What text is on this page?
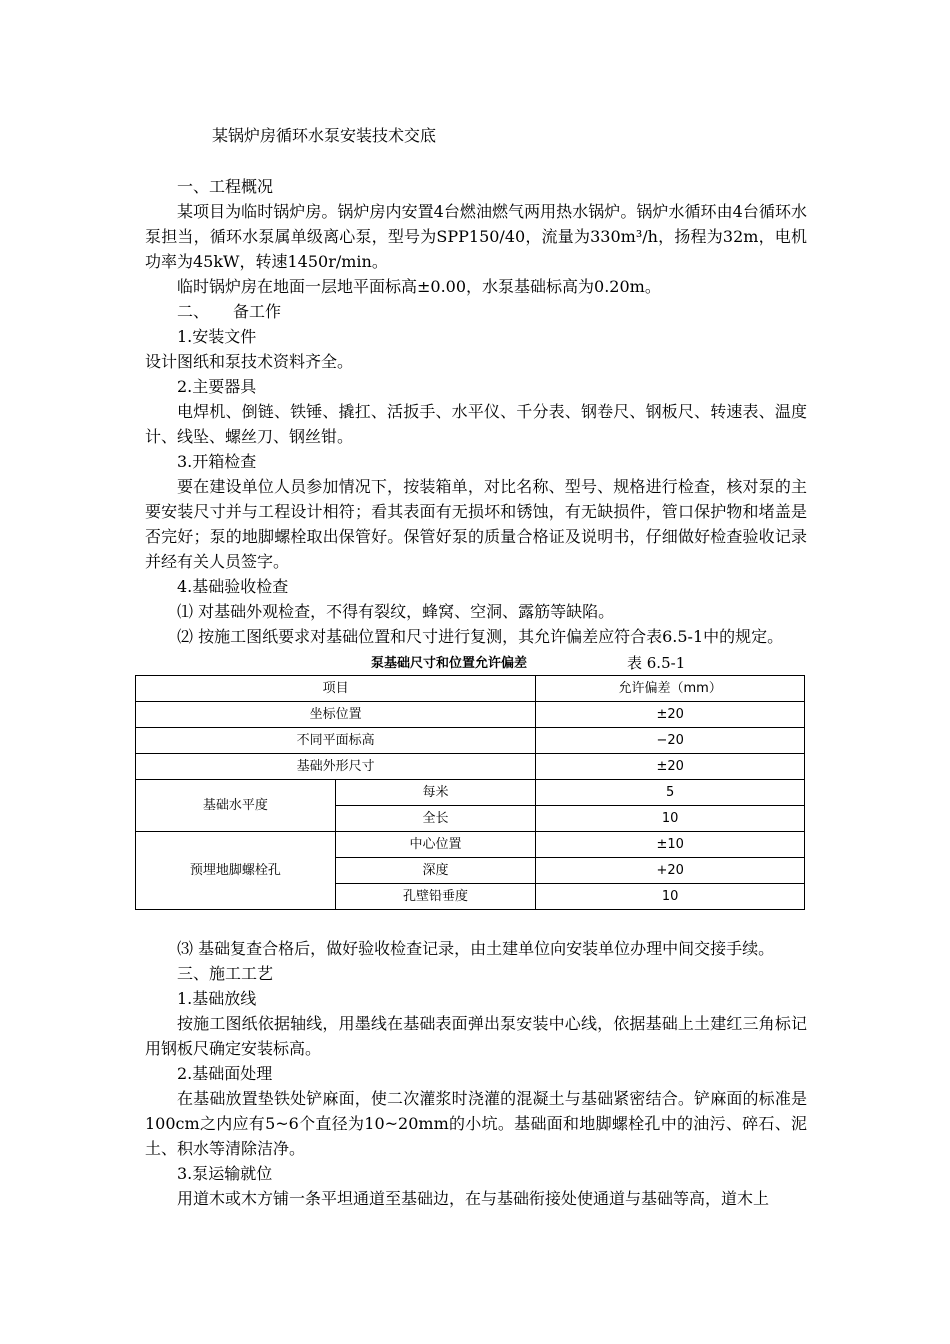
某锅炉房循环水泵安装技术交底

一、工程概况

某项目为临时锅炉房。锅炉房内安置4台燃油燃气两用热水锅炉。锅炉水循环由4台循环水泵担当，循环水泵属单级离心泵，型号为SPP150/40，流量为330m³/h，扬程为32m，电机功率为45kW，转速1450r/min。

临时锅炉房在地面一层地平面标高±0.00，水泵基础标高为0.20m。

二、　　备工作

1.安装文件

设计图纸和泵技术资料齐全。

2.主要器具

电焊机、倒链、铁锤、撬扛、活扳手、水平仪、千分表、钢卷尺、钢板尺、转速表、温度计、线坠、螺丝刀、钢丝钳。

3.开箱检查

要在建设单位人员参加情况下，按装箱单，对比名称、型号、规格进行检查，核对泵的主要安装尺寸并与工程设计相符；看其表面有无损坏和锈蚀，有无缺损件，管口保护物和堵盖是否完好；泵的地脚螺栓取出保管好。保管好泵的质量合格证及说明书，仔细做好检查验收记录并经有关人员签字。

4.基础验收检查

⑴ 对基础外观检查，不得有裂纹，蜂窝、空洞、露筋等缺陷。

⑵ 按施工图纸要求对基础位置和尺寸进行复测，其允许偏差应符合表6.5-1中的规定。

泵基础尺寸和位置允许偏差	表 6.5-1
项目		允许偏差（mm）
坐标位置		±20
不同平面标高		−20
基础外形尺寸		±20
基础水平度	每米	5
	全长	10
预埋地脚螺栓孔	中心位置	±10
	深度	+20
	孔壁铅垂度	10

⑶ 基础复查合格后，做好验收检查记录，由土建单位向安装单位办理中间交接手续。

三、施工工艺

1.基础放线

按施工图纸依据轴线，用墨线在基础表面弹出泵安装中心线，依据基础上土建红三角标记用钢板尺确定安装标高。

2.基础面处理

在基础放置垫铁处铲麻面，使二次灌浆时浇灌的混凝土与基础紧密结合。铲麻面的标准是100cm之内应有5~6个直径为10~20mm的小坑。基础面和地脚螺栓孔中的油污、碎石、泥土、积水等清除洁净。

3.泵运输就位

用道木或木方铺一条平坦通道至基础边，在与基础衔接处使通道与基础等高，道木上
